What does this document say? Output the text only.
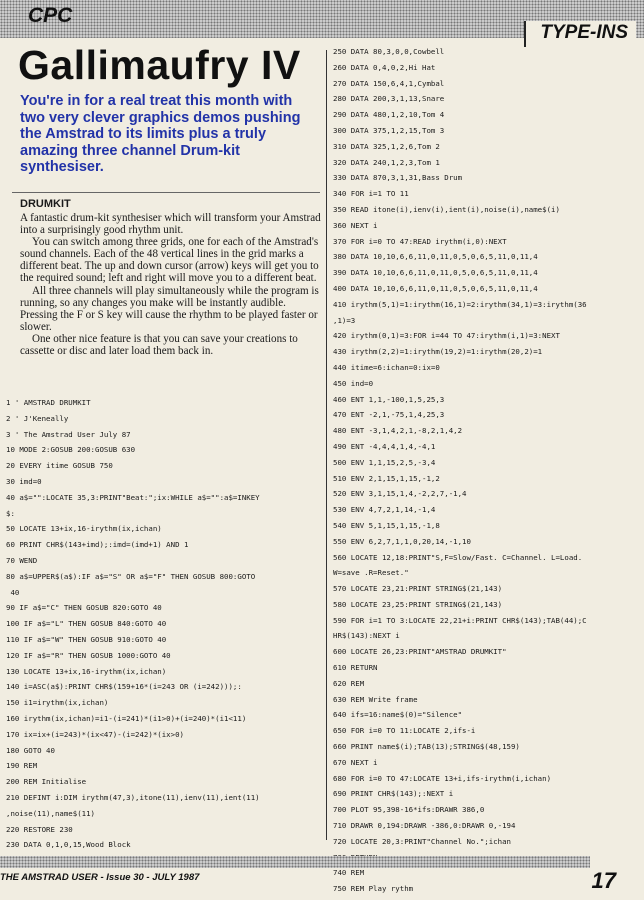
CPC
TYPE-INS
Gallimaufry IV
You're in for a real treat this month with two very clever graphics demos pushing the Amstrad to its limits plus a truly amazing three channel Drum-kit synthesiser.
DRUMKIT

A fantastic drum-kit synthesiser which will transform your Amstrad into a surprisingly good rhythm unit.

You can switch among three grids, one for each of the Amstrad's sound channels. Each of the 48 vertical lines in the grid marks a different beat. The up and down cursor (arrow) keys will get you to the required sound; left and right will move you to a different beat.

All three channels will play simultaneously while the program is running, so any changes you make will be instantly audible. Pressing the F or S key will cause the rhythm to be played faster or slower.

One other nice feature is that you can save your creations to cassette or disc and later load them back in.

1 ' AMSTRAD DRUMKIT
2 ' J'Keneally
3 ' The Amstrad User July 87
10 MODE 2:GOSUB 200:GOSUB 630
20 EVERY itime GOSUB 750
30 imd=0
40 a$="":LOCATE 35,3:PRINT"Beat:";ix:WHILE a$="":a$=INKEY
$:
50 LOCATE 13+ix,16-irythm(ix,ichan)
60 PRINT CHR$(143+imd);:imd=(imd+1) AND 1
70 WEND
80 a$=UPPER$(a$):IF a$="S" OR a$="F" THEN GOSUB 800:GOTO
40
90 IF a$="C" THEN GOSUB 820:GOTO 40
100 IF a$="L" THEN GOSUB 840:GOTO 40
110 IF a$="W" THEN GOSUB 910:GOTO 40
120 IF a$="R" THEN GOSUB 1000:GOTO 40
130 LOCATE 13+ix,16-irythm(ix,ichan)
140 i=ASC(a$):PRINT CHR$(159+16*(i=243 OR (i=242)));:
150 i1=irythm(ix,ichan)
160 irythm(ix,ichan)=i1-(i=241)*(i1>0)+(i=240)*(i1<11)
170 ix=ix+(i=243)*(ix<47)-(i=242)*(ix>0)
180 GOTO 40
190 REM
200 REM Initialise
210 DEFINT i:DIM irythm(47,3),itone(11),ienv(11),ient(11)
,noise(11),name$(11)
220 RESTORE 230
230 DATA 0,1,0,15,Wood Block
250 DATA 80,3,0,0,Cowbell
260 DATA 0,4,0,2,Hi Hat
270 DATA 150,6,4,1,Cymbal
280 DATA 200,3,1,13,Snare
290 DATA 480,1,2,10,Tom 4
300 DATA 375,1,2,15,Tom 3
310 DATA 325,1,2,6,Tom 2
320 DATA 240,1,2,3,Tom 1
330 DATA 870,3,1,31,Bass Drum
340 FOR i=1 TO 11
350 READ itone(i),ienv(i),ient(i),noise(i),name$(i)
360 NEXT i
370 FOR i=0 TO 47:READ irythm(i,0):NEXT
380 DATA 10,10,6,6,11,0,11,0,5,0,6,5,11,0,11,4
390 DATA 10,10,6,6,11,0,11,0,5,0,6,5,11,0,11,4
400 DATA 10,10,6,6,11,0,11,0,5,0,6,5,11,0,11,4
410 irythm(5,1)=1:irythm(16,1)=2:irythm(34,1)=3:irythm(36
,1)=3
420 irythm(0,1)=3:FOR i=44 TO 47:irythm(i,1)=3:NEXT
430 irythm(2,2)=1:irythm(19,2)=1:irythm(20,2)=1
440 itime=6:ichan=0:ix=0
450 ind=0
460 ENT 1,1,-100,1,5,25,3
470 ENT -2,1,-75,1,4,25,3
480 ENT -3,1,4,2,1,-8,2,1,4,2
490 ENT -4,4,4,1,4,-4,1
500 ENV 1,1,15,2,5,-3,4
510 ENV 2,1,15,1,15,-1,2
520 ENV 3,1,15,1,4,-2,2,7,-1,4
530 ENV 4,7,2,1,14,-1,4
540 ENV 5,1,15,1,15,-1,8
550 ENV 6,2,7,1,1,0,20,14,-1,10
560 LOCATE 12,18:PRINT"S,F=Slow/Fast. C=Channel. L=Load.
W=save .R=Reset."
570 LOCATE 23,21:PRINT STRING$(21,143)
580 LOCATE 23,25:PRINT STRING$(21,143)
590 FOR i=1 TO 3:LOCATE 22,21+i:PRINT CHR$(143);TAB(44);C
HR$(143):NEXT i
600 LOCATE 26,23:PRINT"AMSTRAD DRUMKIT"
610 RETURN
620 REM
630 REM Write frame
640 ifs=16:name$(0)="Silence"
650 FOR i=0 TO 11:LOCATE 2,ifs-i
660 PRINT name$(i);TAB(13);STRING$(48,159)
670 NEXT i
680 FOR i=0 TO 47:LOCATE 13+i,ifs-irythm(i,ichan)
690 PRINT CHR$(143);:NEXT i
700 PLOT 95,398-16*ifs:DRAWR 386,0
710 DRAWR 0,194:DRAWR -386,0:DRAWR 0,-194
720 LOCATE 20,3:PRINT"Channel No.";ichan
740 REM
750 REM Play rythm
THE AMSTRAD USER - Issue 30 - JULY 1987	17
